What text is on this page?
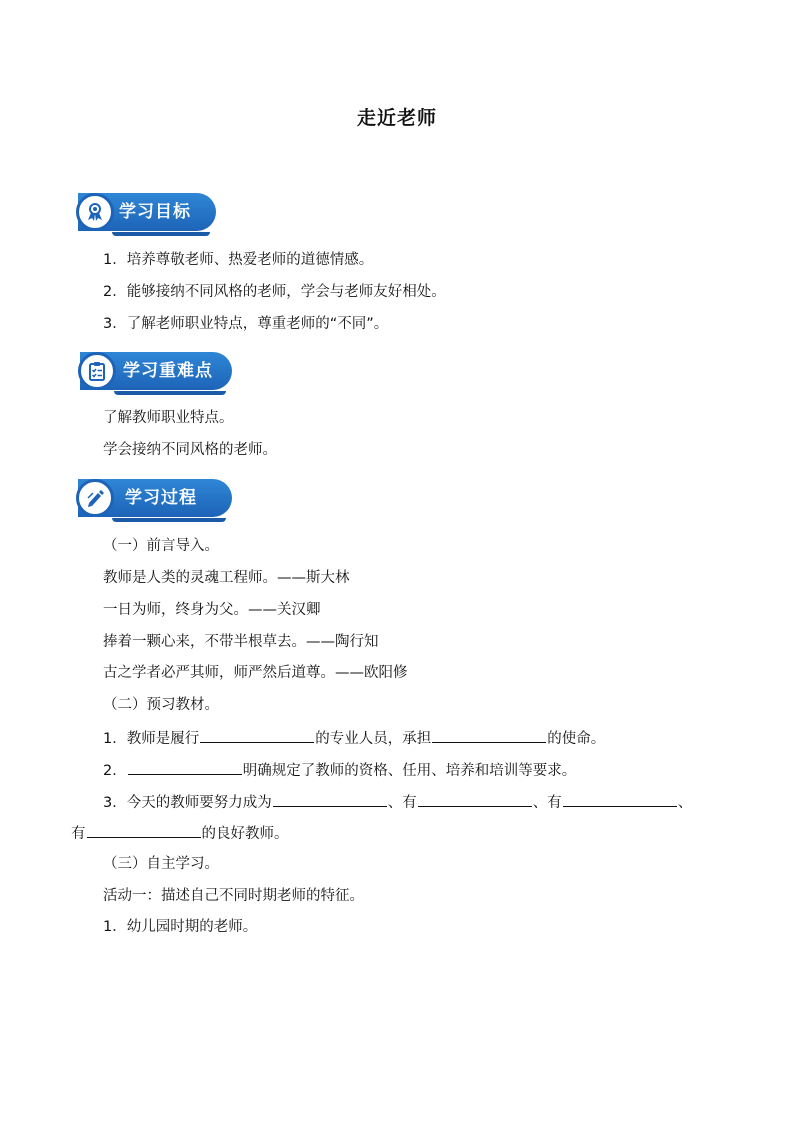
走近老师
学习目标
1．培养尊敬老师、热爱老师的道德情感。
2．能够接纳不同风格的老师，学会与老师友好相处。
3．了解老师职业特点，尊重老师的“不同”。
学习重难点
了解教师职业特点。
学会接纳不同风格的老师。
学习过程
（一）前言导入。
教师是人类的灵魂工程师。——斯大林
一日为师，终身为父。——关汉卿
捧着一颗心来，不带半根草去。——陶行知
古之学者必严其师，师严然后道尊。——欧阳修
（二）预习教材。
1．教师是履行	的专业人员，承担	的使命。
2．	明确规定了教师的资格、任用、培养和培训等要求。
3．今天的教师要努力成为	、有	、有	、
有	的良好教师。
（三）自主学习。
活动一：描述自己不同时期老师的特征。
1．幼儿园时期的老师。
